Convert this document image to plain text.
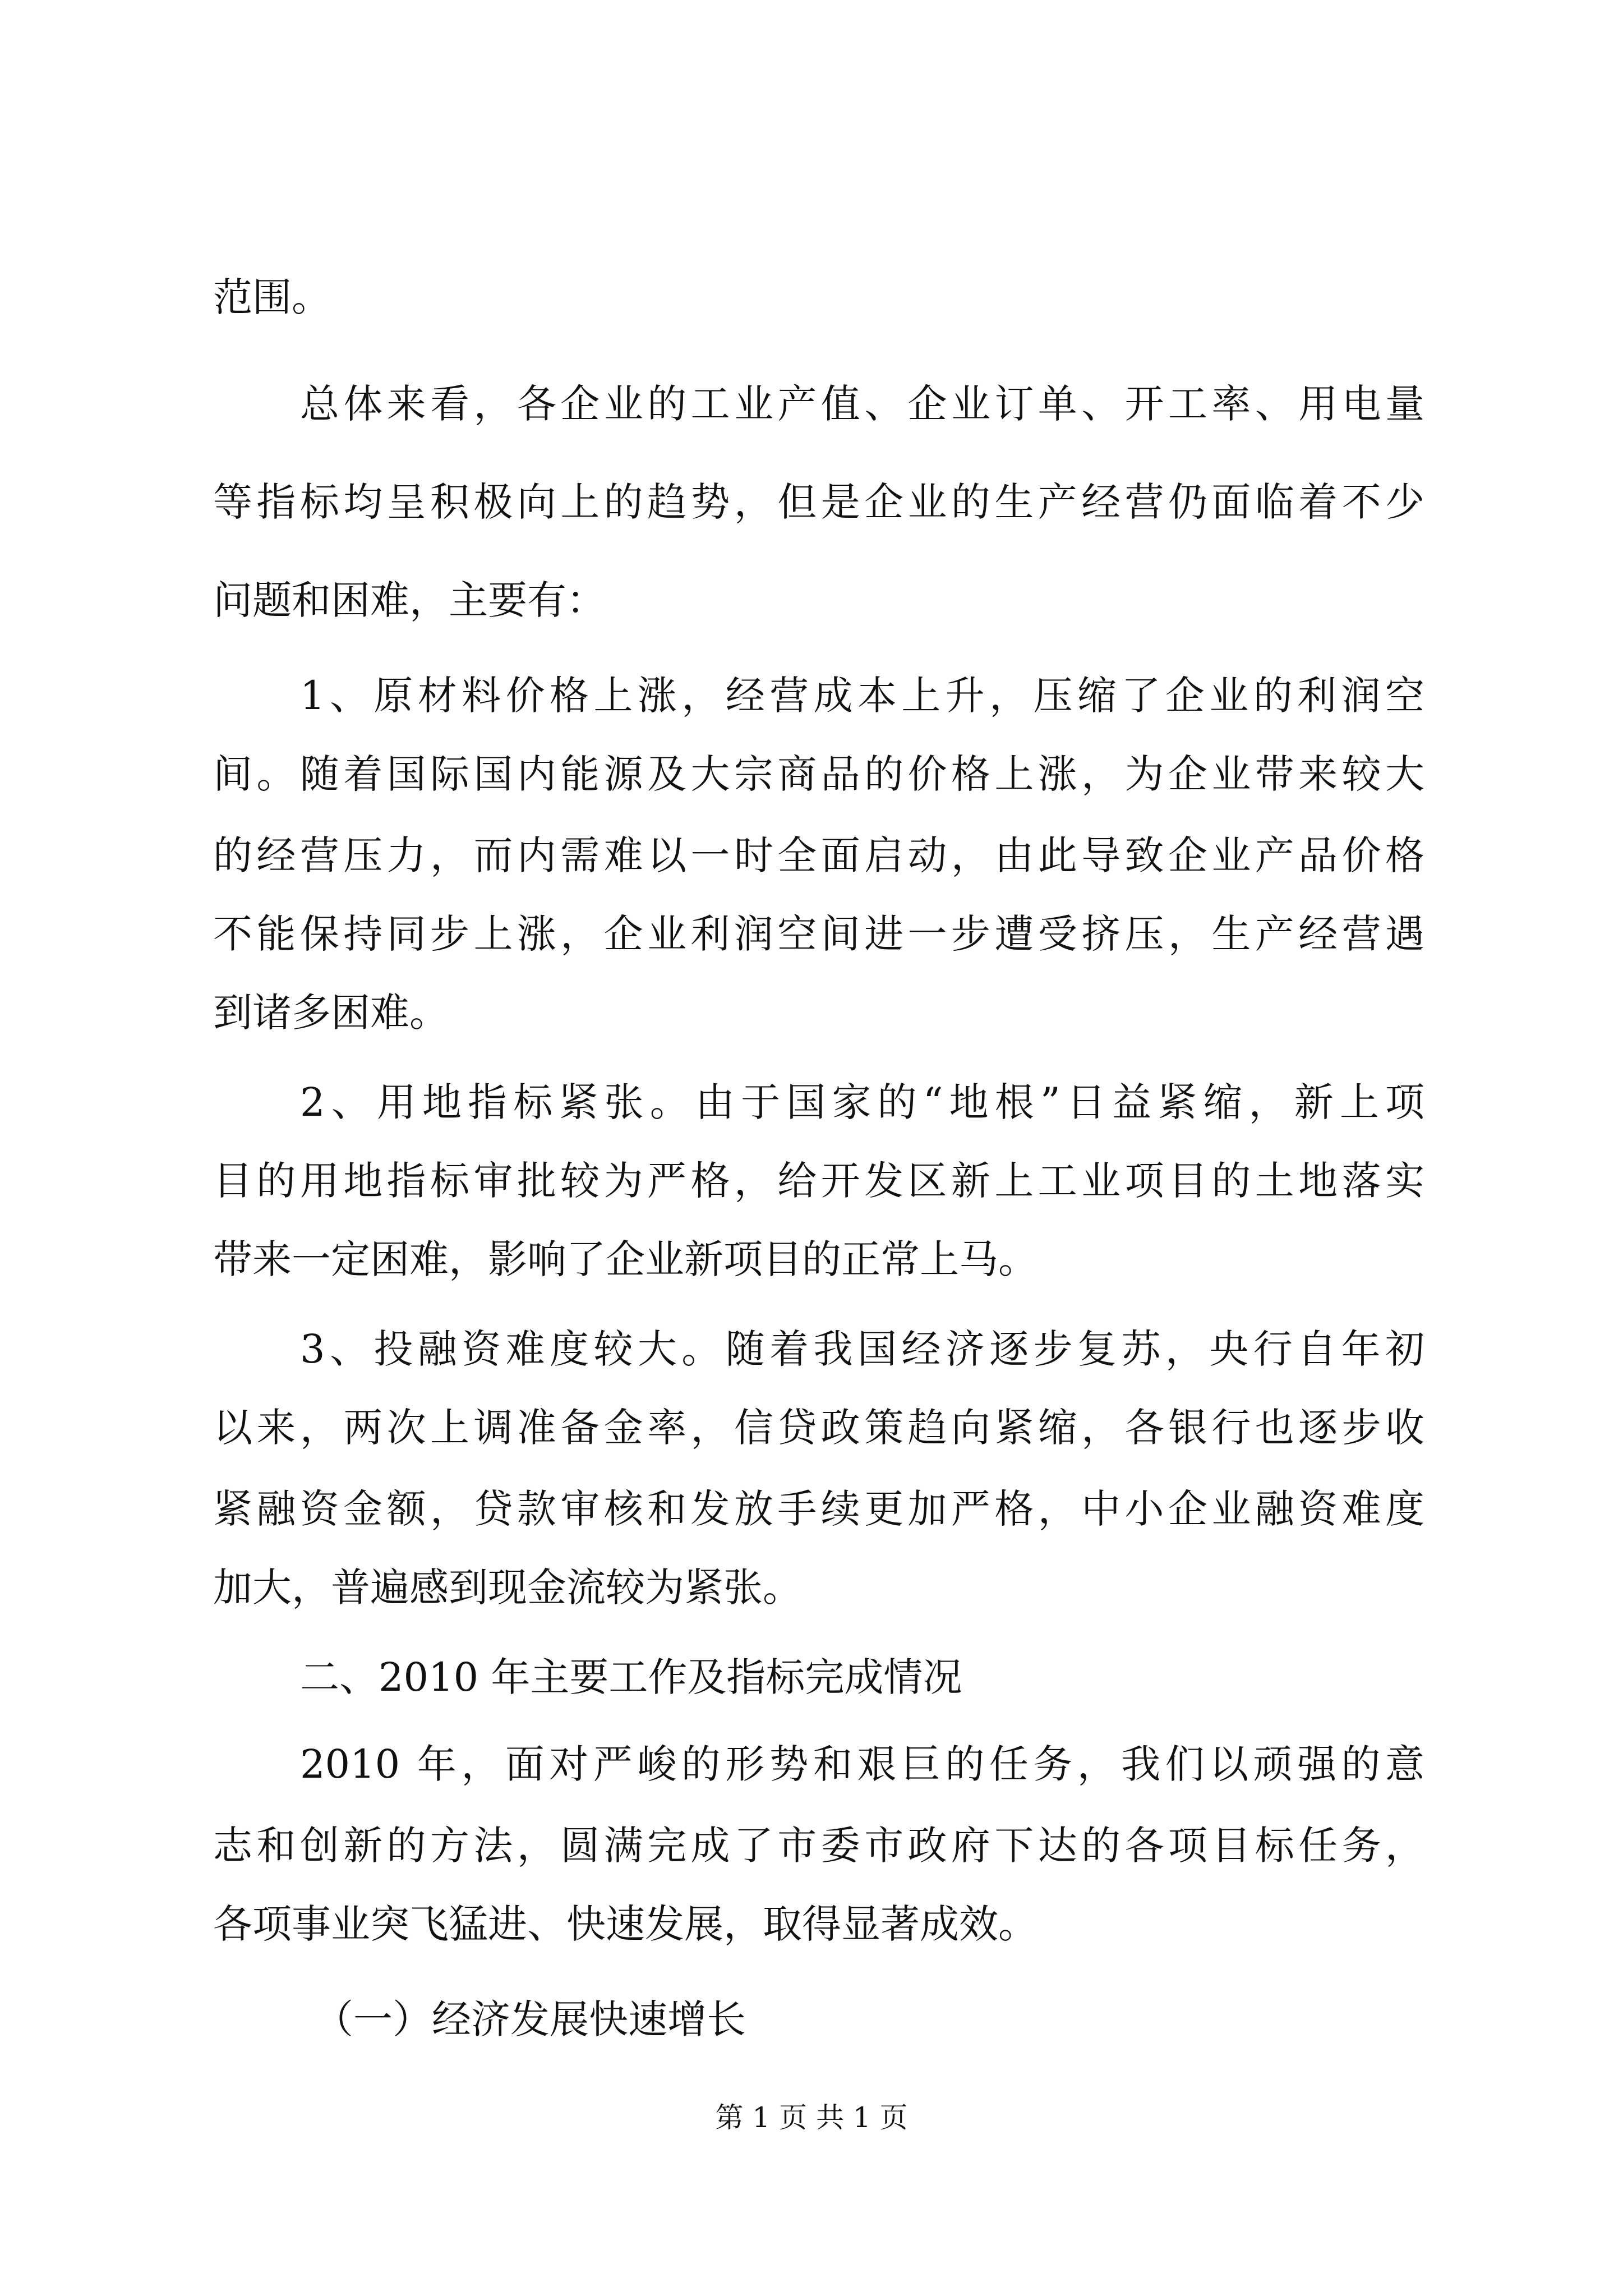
范围。

总体来看，各企业的工业产值、企业订单、开工率、用电量

等指标均呈积极向上的趋势，但是企业的生产经营仍面临着不少

问题和困难，主要有：

1、原材料价格上涨，经营成本上升，压缩了企业的利润空

间。随着国际国内能源及大宗商品的价格上涨，为企业带来较大

的经营压力，而内需难以一时全面启动，由此导致企业产品价格

不能保持同步上涨，企业利润空间进一步遭受挤压，生产经营遇

到诸多困难。

2、用地指标紧张。由于国家的“地根”日益紧缩，新上项

目的用地指标审批较为严格，给开发区新上工业项目的土地落实

带来一定困难，影响了企业新项目的正常上马。

3、投融资难度较大。随着我国经济逐步复苏，央行自年初

以来，两次上调准备金率，信贷政策趋向紧缩，各银行也逐步收

紧融资金额，贷款审核和发放手续更加严格，中小企业融资难度

加大，普遍感到现金流较为紧张。

二、2010 年主要工作及指标完成情况

2010 年，面对严峻的形势和艰巨的任务，我们以顽强的意

志和创新的方法，圆满完成了市委市政府下达的各项目标任务，

各项事业突飞猛进、快速发展，取得显著成效。

（一）经济发展快速增长

第 1 页 共 1 页
